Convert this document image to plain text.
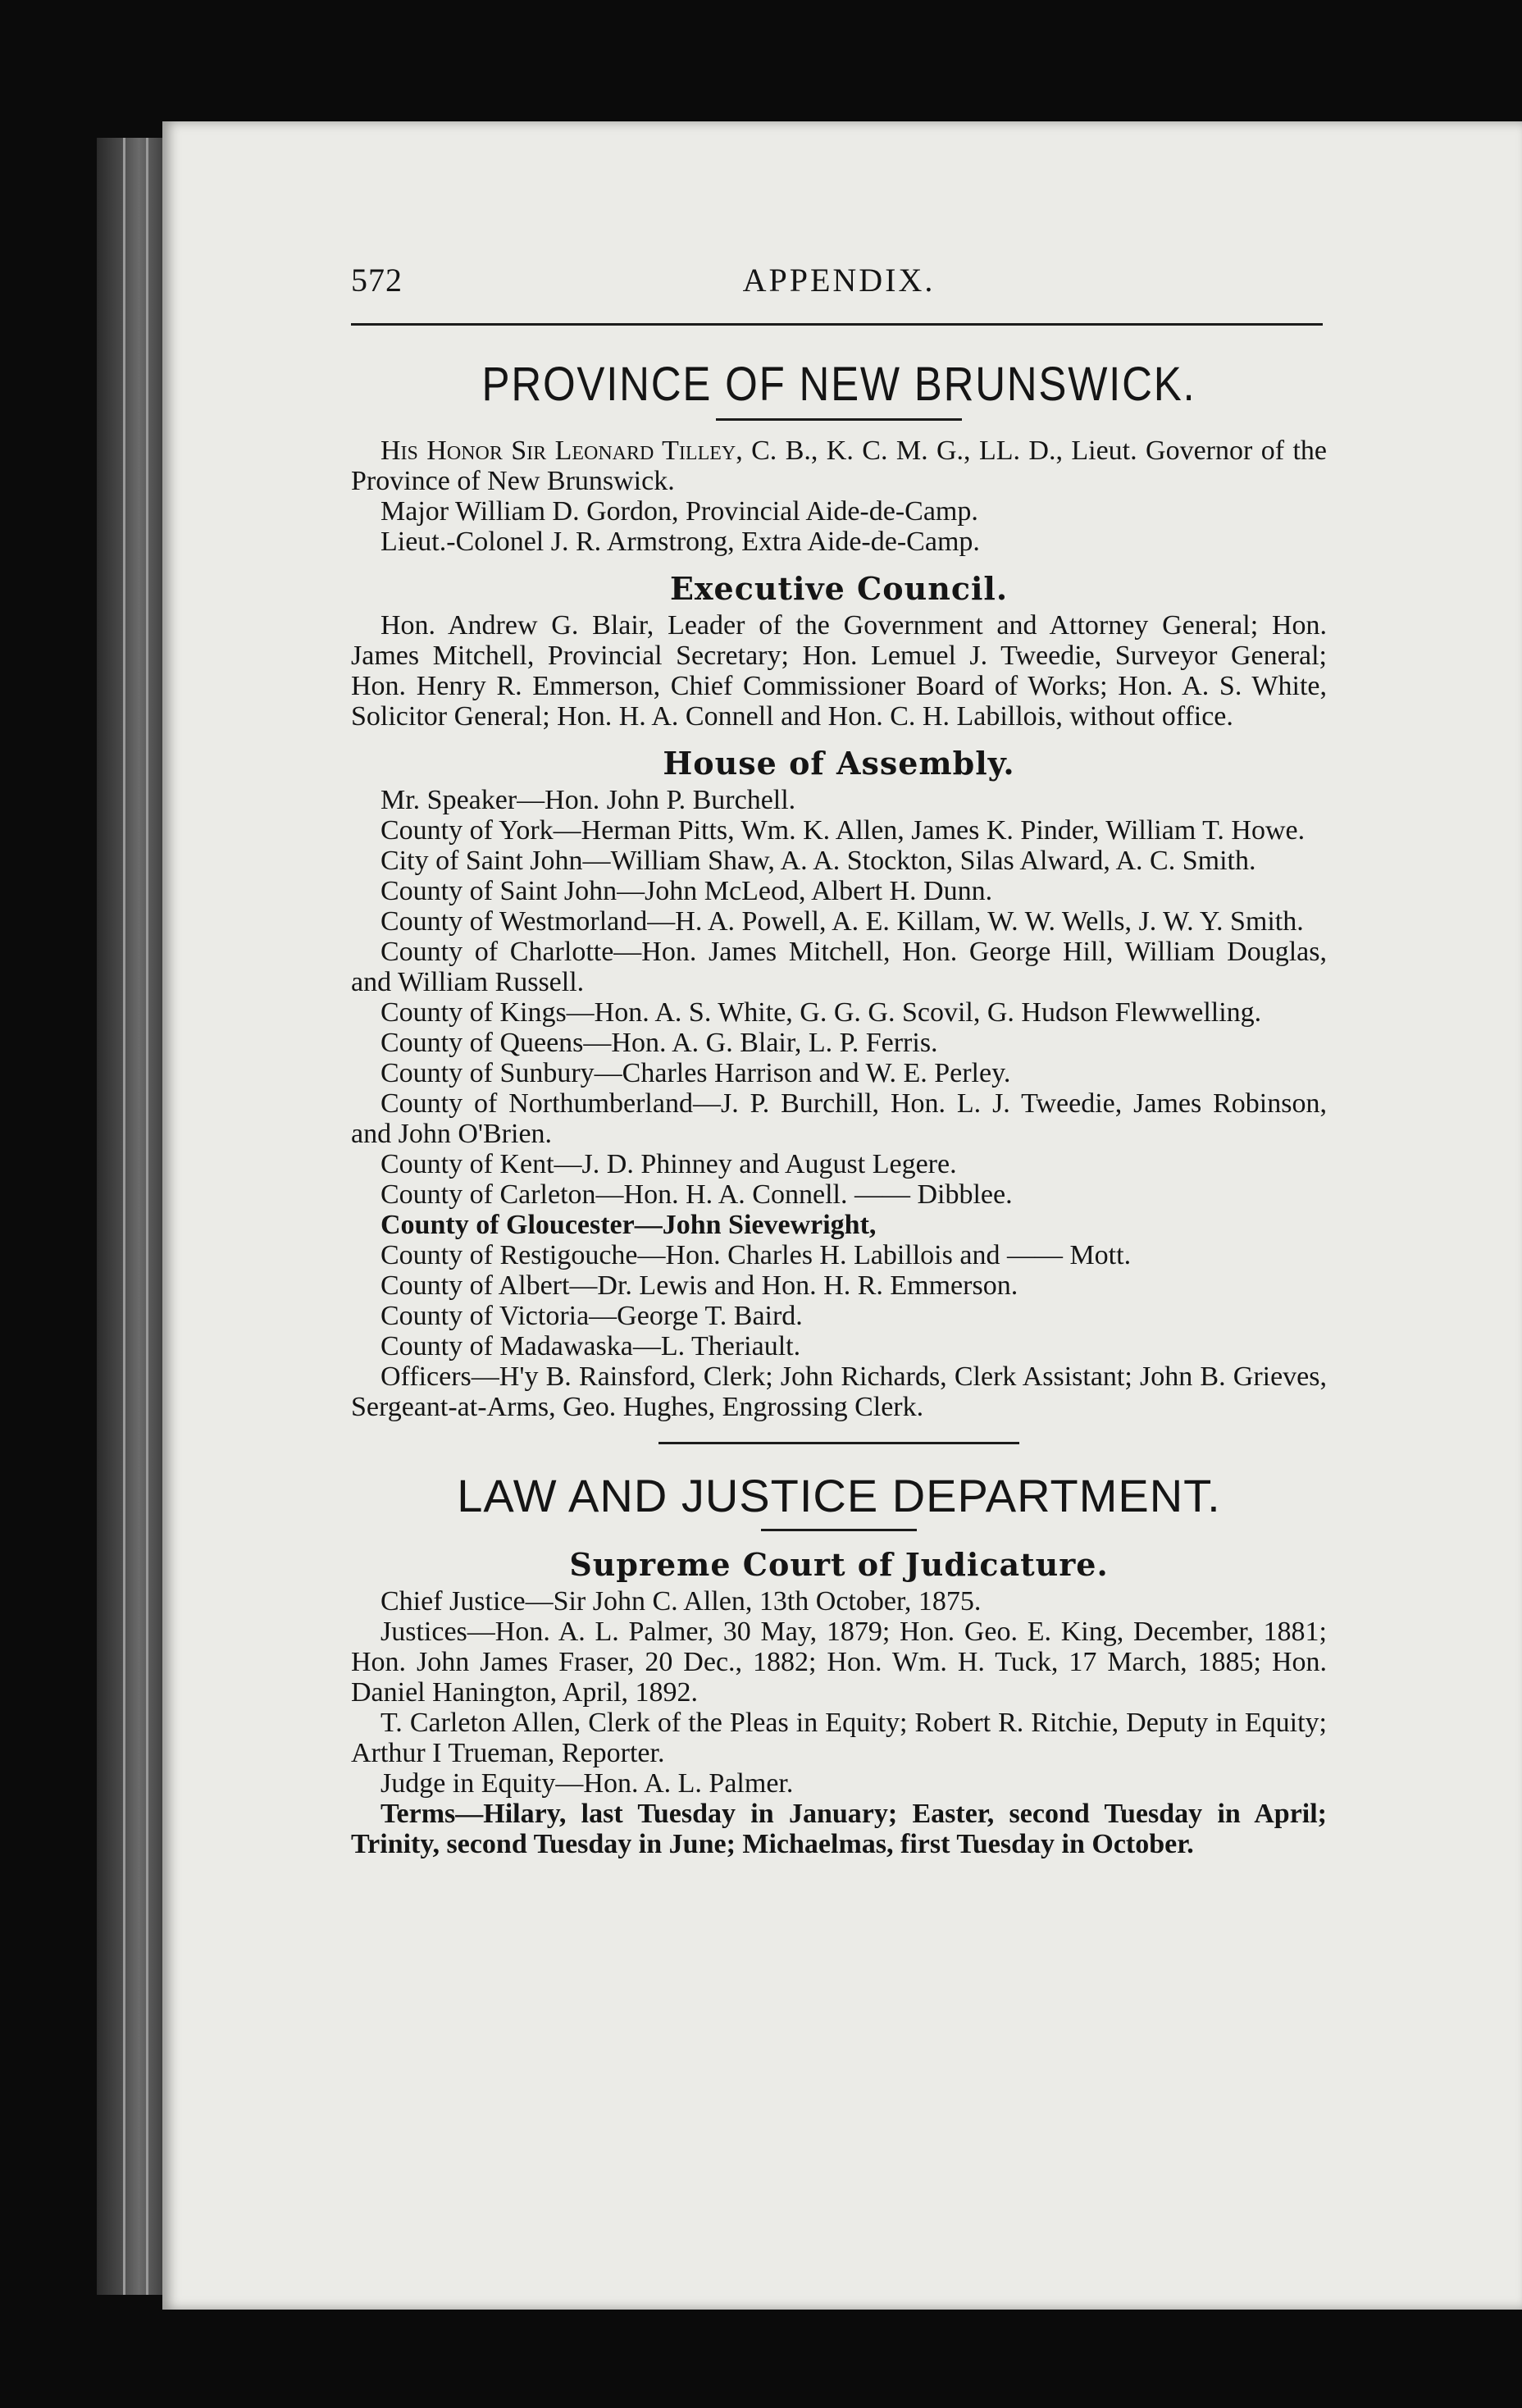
572	APPENDIX.
PROVINCE OF NEW BRUNSWICK.

His Honor Sir Leonard Tilley, C. B., K. C. M. G., LL. D., Lieut. Governor of the Province of New Brunswick.

Major William D. Gordon, Provincial Aide-de-Camp.

Lieut.-Colonel J. R. Armstrong, Extra Aide-de-Camp.

Executive Council.

Hon. Andrew G. Blair, Leader of the Government and Attorney General; Hon. James Mitchell, Provincial Secretary; Hon. Lemuel J. Tweedie, Surveyor General; Hon. Henry R. Emmerson, Chief Commissioner Board of Works; Hon. A. S. White, Solicitor General; Hon. H. A. Connell and Hon. C. H. Labillois, without office.

House of Assembly.

Mr. Speaker—Hon. John P. Burchell.

County of York—Herman Pitts, Wm. K. Allen, James K. Pinder, William T. Howe.

City of Saint John—William Shaw, A. A. Stockton, Silas Alward, A. C. Smith.

County of Saint John—John McLeod, Albert H. Dunn.

County of Westmorland—H. A. Powell, A. E. Killam, W. W. Wells, J. W. Y. Smith.

County of Charlotte—Hon. James Mitchell, Hon. George Hill, William Douglas, and William Russell.

County of Kings—Hon. A. S. White, G. G. G. Scovil, G. Hudson Flewwelling.

County of Queens—Hon. A. G. Blair, L. P. Ferris.

County of Sunbury—Charles Harrison and W. E. Perley.

County of Northumberland—J. P. Burchill, Hon. L. J. Tweedie, James Robinson, and John O'Brien.

County of Kent—J. D. Phinney and August Legere.

County of Carleton—Hon. H. A. Connell. —— Dibblee.

County of Gloucester—John Sievewright,

County of Restigouche—Hon. Charles H. Labillois and —— Mott.

County of Albert—Dr. Lewis and Hon. H. R. Emmerson.

County of Victoria—George T. Baird.

County of Madawaska—L. Theriault.

Officers—H'y B. Rainsford, Clerk; John Richards, Clerk Assistant; John B. Grieves, Sergeant-at-Arms, Geo. Hughes, Engrossing Clerk.

LAW AND JUSTICE DEPARTMENT.
Supreme Court of Judicature.

Chief Justice—Sir John C. Allen, 13th October, 1875.

Justices—Hon. A. L. Palmer, 30 May, 1879; Hon. Geo. E. King, December, 1881; Hon. John James Fraser, 20 Dec., 1882; Hon. Wm. H. Tuck, 17 March, 1885; Hon. Daniel Hanington, April, 1892.

T. Carleton Allen, Clerk of the Pleas in Equity; Robert R. Ritchie, Deputy in Equity; Arthur I Trueman, Reporter.

Judge in Equity—Hon. A. L. Palmer.

Terms—Hilary, last Tuesday in January; Easter, second Tuesday in April; Trinity, second Tuesday in June; Michaelmas, first Tuesday in October.
